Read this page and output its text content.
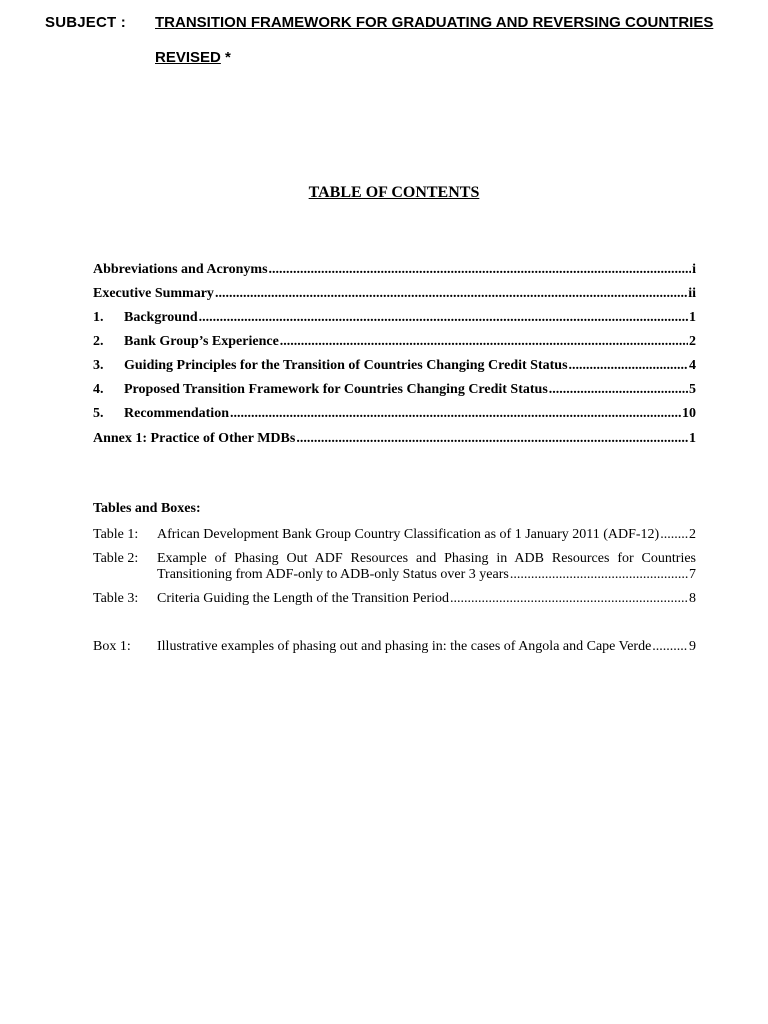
SUBJECT : TRANSITION FRAMEWORK FOR GRADUATING AND REVERSING COUNTRIES
REVISED *
TABLE OF CONTENTS
Abbreviations and Acronyms .....	i
Executive Summary .....	ii
1.	Background .....	1
2.	Bank Group’s Experience .....	2
3.	Guiding Principles for the Transition of Countries Changing Credit Status .....	4
4.	Proposed Transition Framework for Countries Changing Credit Status .....	5
5.	Recommendation .....	10
Annex 1: Practice of Other MDBs .....	1
Tables and Boxes:
Table 1: African Development Bank Group Country Classification as of 1 January 2011 (ADF-12) ..... 2
Table 2: Example of Phasing Out ADF Resources and Phasing in ADB Resources for Countries
Transitioning from ADF-only to ADB-only Status over 3 years .....	7
Table 3: Criteria Guiding the Length of the Transition Period .....	8
Box 1: Illustrative examples of phasing out and phasing in: the cases of Angola and Cape Verde .....	9
